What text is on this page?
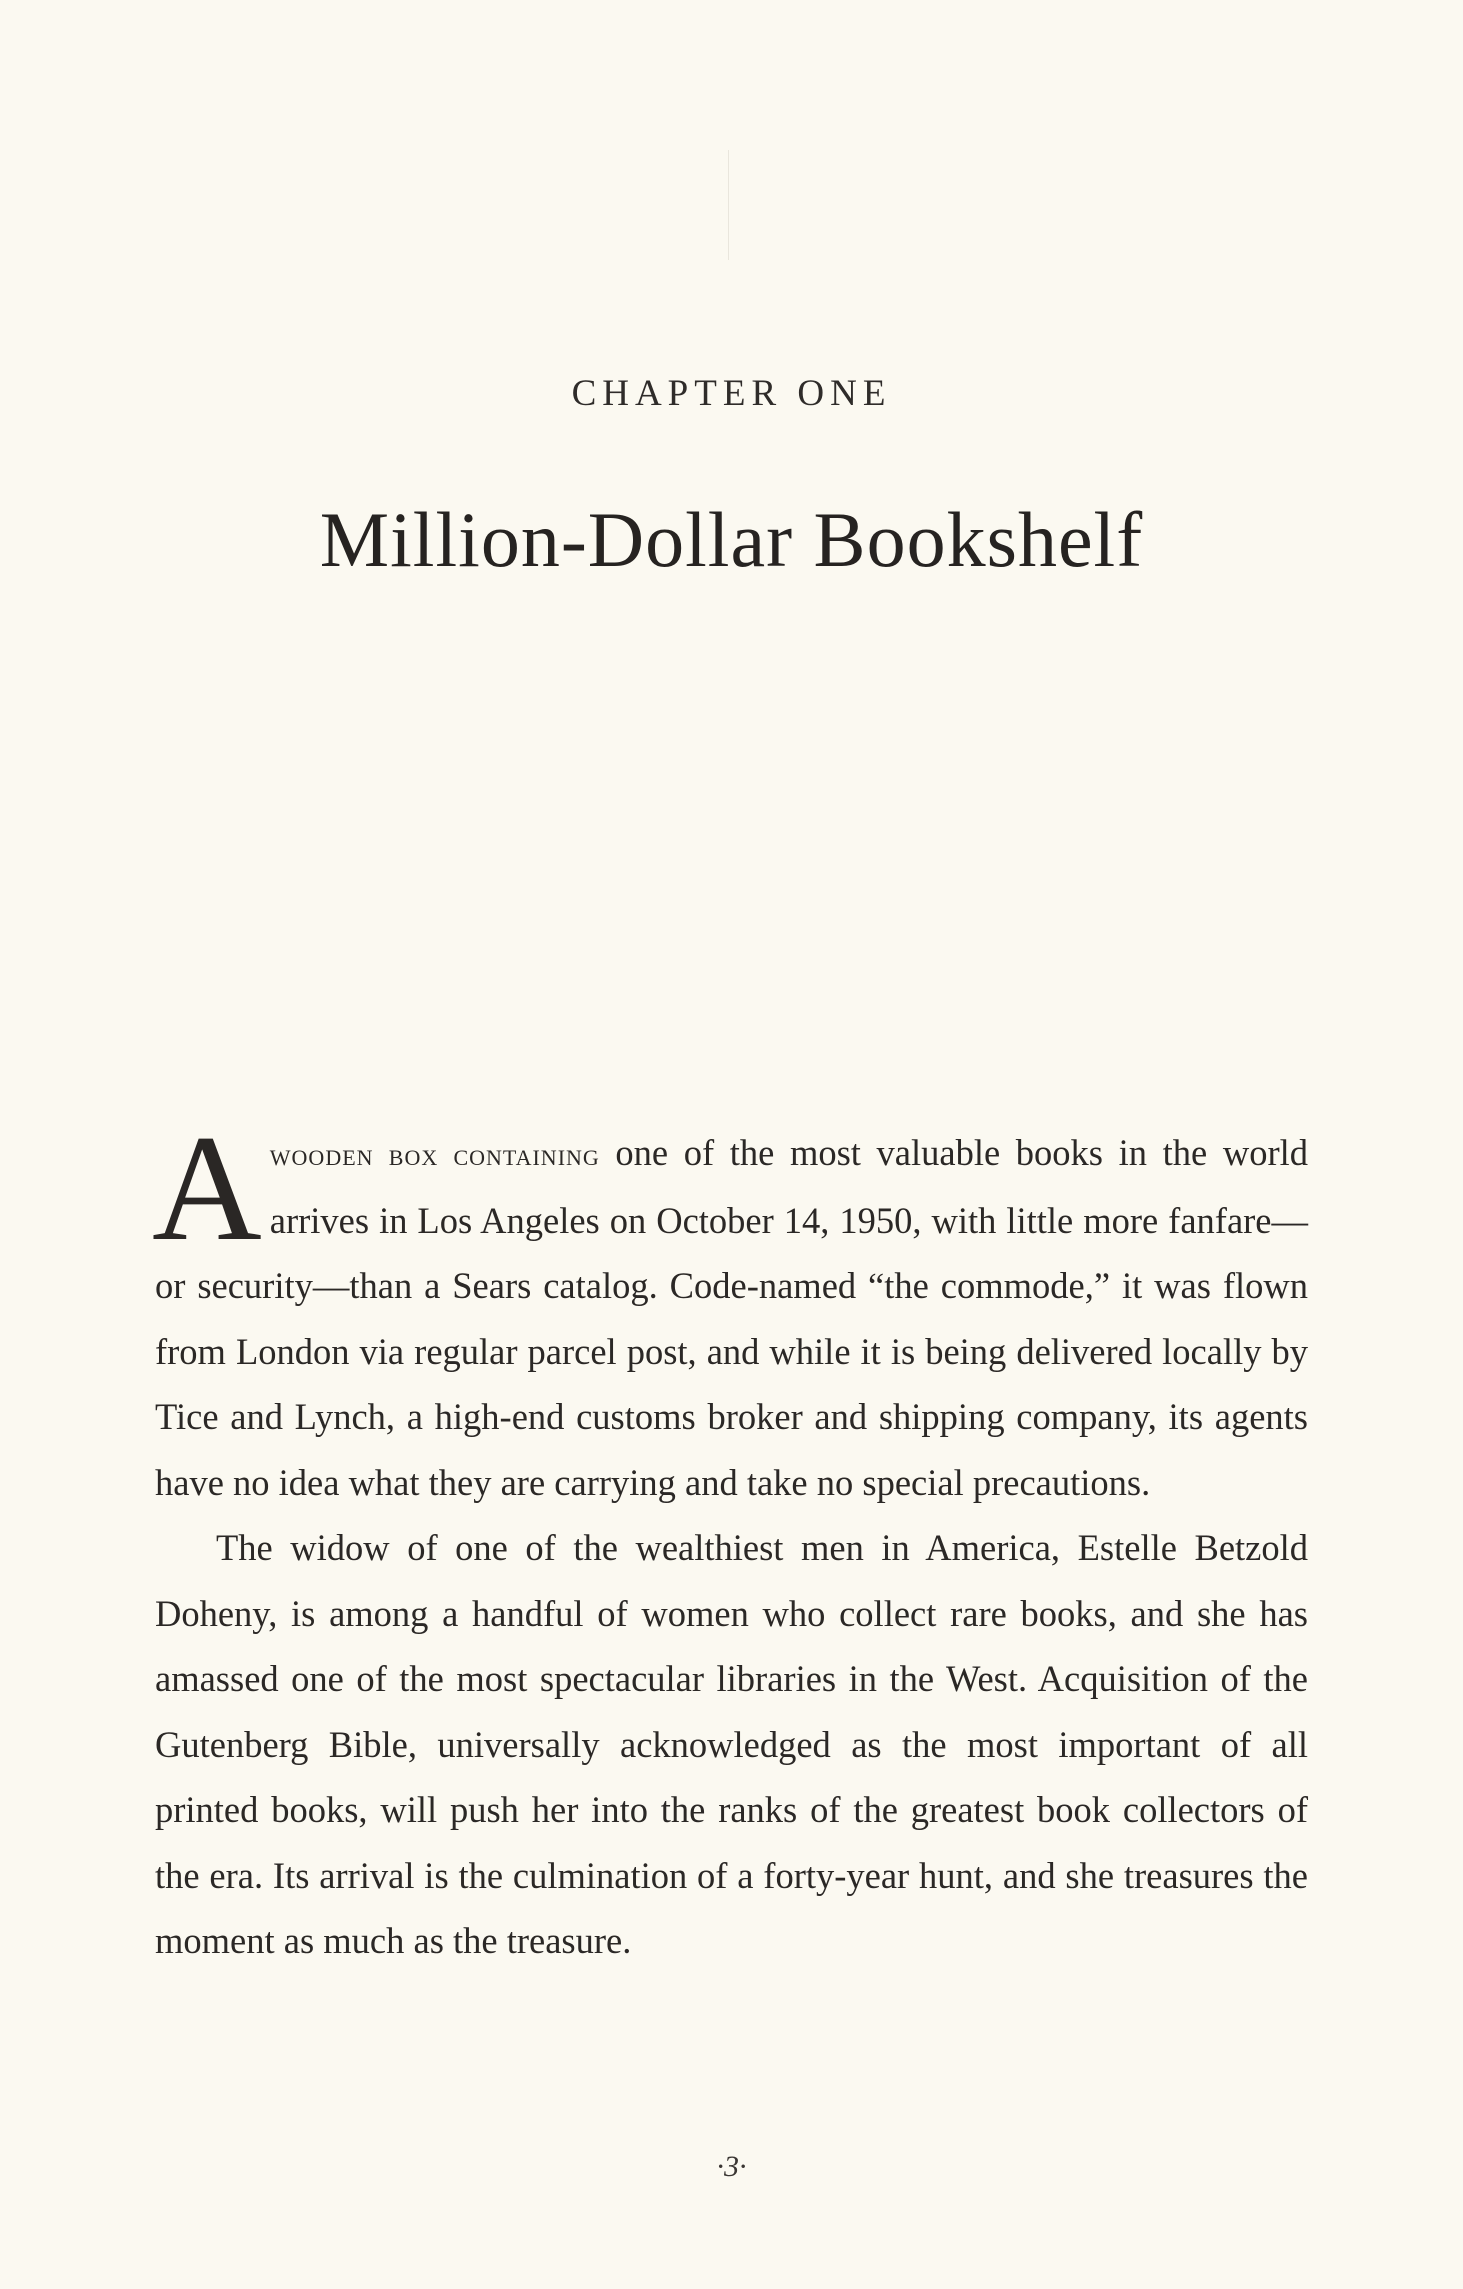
CHAPTER ONE
Million-Dollar Bookshelf

Awooden box containing one of the most valuable books in the world arrives in Los Angeles on October 14, 1950, with little more fanfare—or security—than a Sears catalog. Code-named “the commode,” it was flown from London via regular parcel post, and while it is being delivered locally by Tice and Lynch, a high-end customs broker and shipping company, its agents have no idea what they are carrying and take no special precautions.

The widow of one of the wealthiest men in America, Estelle Betzold Doheny, is among a handful of women who collect rare books, and she has amassed one of the most spectacular libraries in the West. Acquisition of the Gutenberg Bible, universally acknowledged as the most important of all printed books, will push her into the ranks of the greatest book collectors of the era. Its arrival is the culmination of a forty-year hunt, and she treasures the moment as much as the treasure.

·3·
